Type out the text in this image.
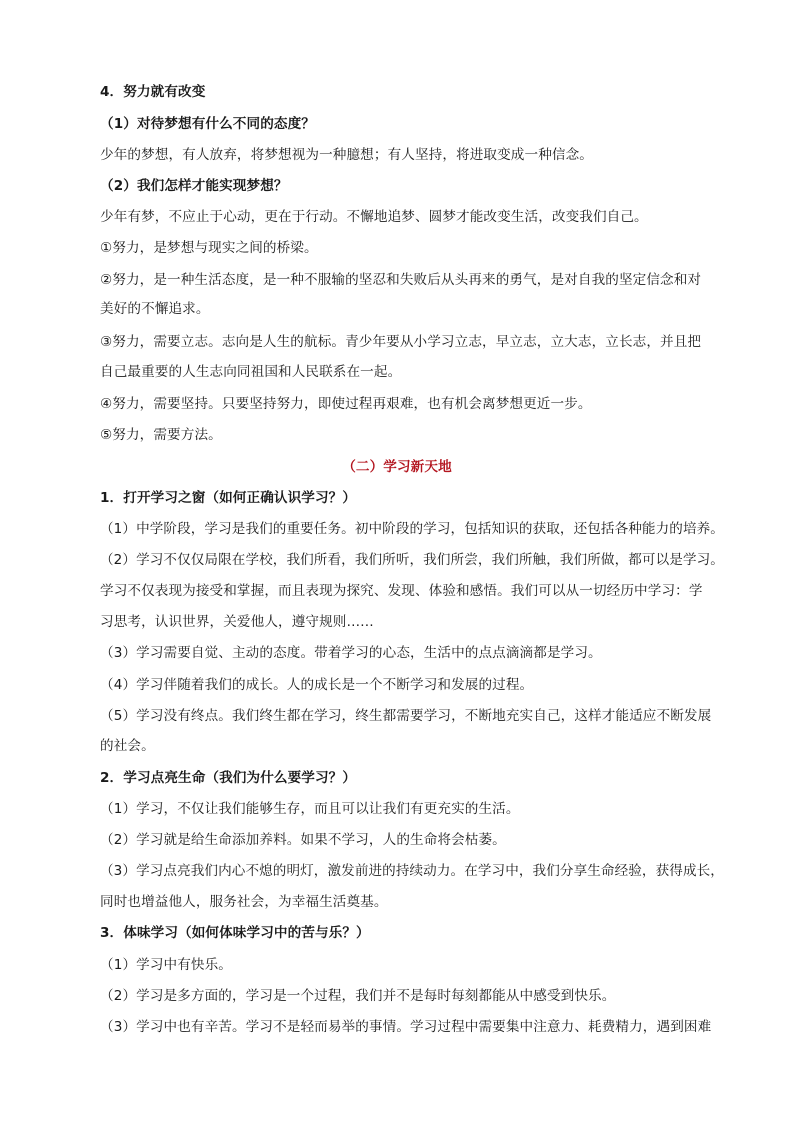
4．努力就有改变
（1）对待梦想有什么不同的态度？
少年的梦想，有人放弃，将梦想视为一种臆想；有人坚持，将进取变成一种信念。
（2）我们怎样才能实现梦想？
少年有梦，不应止于心动，更在于行动。不懈地追梦、圆梦才能改变生活，改变我们自己。
①努力，是梦想与现实之间的桥梁。
②努力，是一种生活态度，是一种不服输的坚忍和失败后从头再来的勇气，是对自我的坚定信念和对
美好的不懈追求。
③努力，需要立志。志向是人生的航标。青少年要从小学习立志，早立志，立大志，立长志，并且把
自己最重要的人生志向同祖国和人民联系在一起。
④努力，需要坚持。只要坚持努力，即使过程再艰难，也有机会离梦想更近一步。
⑤努力，需要方法。
（二）学习新天地
1．打开学习之窗（如何正确认识学习？）
（1）中学阶段，学习是我们的重要任务。初中阶段的学习，包括知识的获取，还包括各种能力的培养。
（2）学习不仅仅局限在学校，我们所看，我们所听，我们所尝，我们所触，我们所做，都可以是学习。
学习不仅表现为接受和掌握，而且表现为探究、发现、体验和感悟。我们可以从一切经历中学习：学
习思考，认识世界，关爱他人，遵守规则……
（3）学习需要自觉、主动的态度。带着学习的心态，生活中的点点滴滴都是学习。
（4）学习伴随着我们的成长。人的成长是一个不断学习和发展的过程。
（5）学习没有终点。我们终生都在学习，终生都需要学习，不断地充实自己，这样才能适应不断发展
的社会。
2．学习点亮生命（我们为什么要学习？）
（1）学习，不仅让我们能够生存，而且可以让我们有更充实的生活。
（2）学习就是给生命添加养料。如果不学习，人的生命将会枯萎。
（3）学习点亮我们内心不熄的明灯，激发前进的持续动力。在学习中，我们分享生命经验，获得成长，
同时也增益他人，服务社会，为幸福生活奠基。
3．体味学习（如何体味学习中的苦与乐？）
（1）学习中有快乐。
（2）学习是多方面的，学习是一个过程，我们并不是每时每刻都能从中感受到快乐。
（3）学习中也有辛苦。学习不是轻而易举的事情。学习过程中需要集中注意力、耗费精力，遇到困难
